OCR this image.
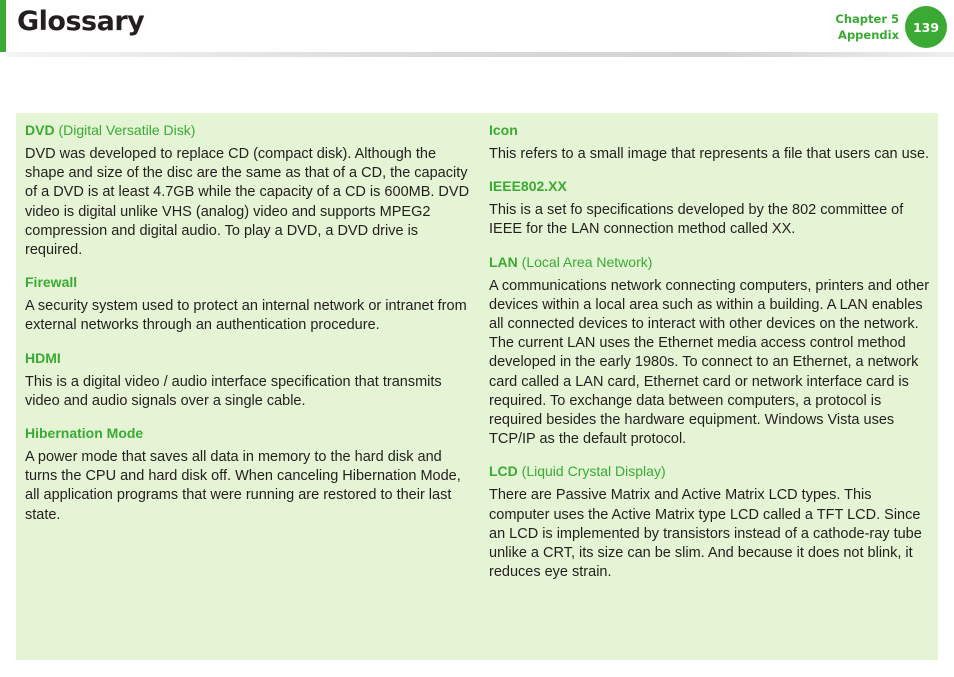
Glossary	Chapter 5
Appendix
139

DVD (Digital Versatile Disk)

DVD was developed to replace CD (compact disk). Although the shape and size of the disc are the same as that of a CD, the capacity of a DVD is at least 4.7GB while the capacity of a CD is 600MB. DVD video is digital unlike VHS (analog) video and supports MPEG2 compression and digital audio. To play a DVD, a DVD drive is required.

Firewall

A security system used to protect an internal network or intranet from external networks through an authentication procedure.

HDMI

This is a digital video / audio interface specification that transmits video and audio signals over a single cable.

Hibernation Mode

A power mode that saves all data in memory to the hard disk and turns the CPU and hard disk off. When canceling Hibernation Mode, all application programs that were running are restored to their last state.

Icon

This refers to a small image that represents a file that users can use.

IEEE802.XX

This is a set fo specifications developed by the 802 committee of IEEE for the LAN connection method called XX.

LAN (Local Area Network)

A communications network connecting computers, printers and other devices within a local area such as within a building. A LAN enables all connected devices to interact with other devices on the network. The current LAN uses the Ethernet media access control method developed in the early 1980s. To connect to an Ethernet, a network card called a LAN card, Ethernet card or network interface card is required. To exchange data between computers, a protocol is required besides the hardware equipment. Windows Vista uses TCP/IP as the default protocol.

LCD (Liquid Crystal Display)

There are Passive Matrix and Active Matrix LCD types. This computer uses the Active Matrix type LCD called a TFT LCD. Since an LCD is implemented by transistors instead of a cathode-ray tube unlike a CRT, its size can be slim. And because it does not blink, it reduces eye strain.
